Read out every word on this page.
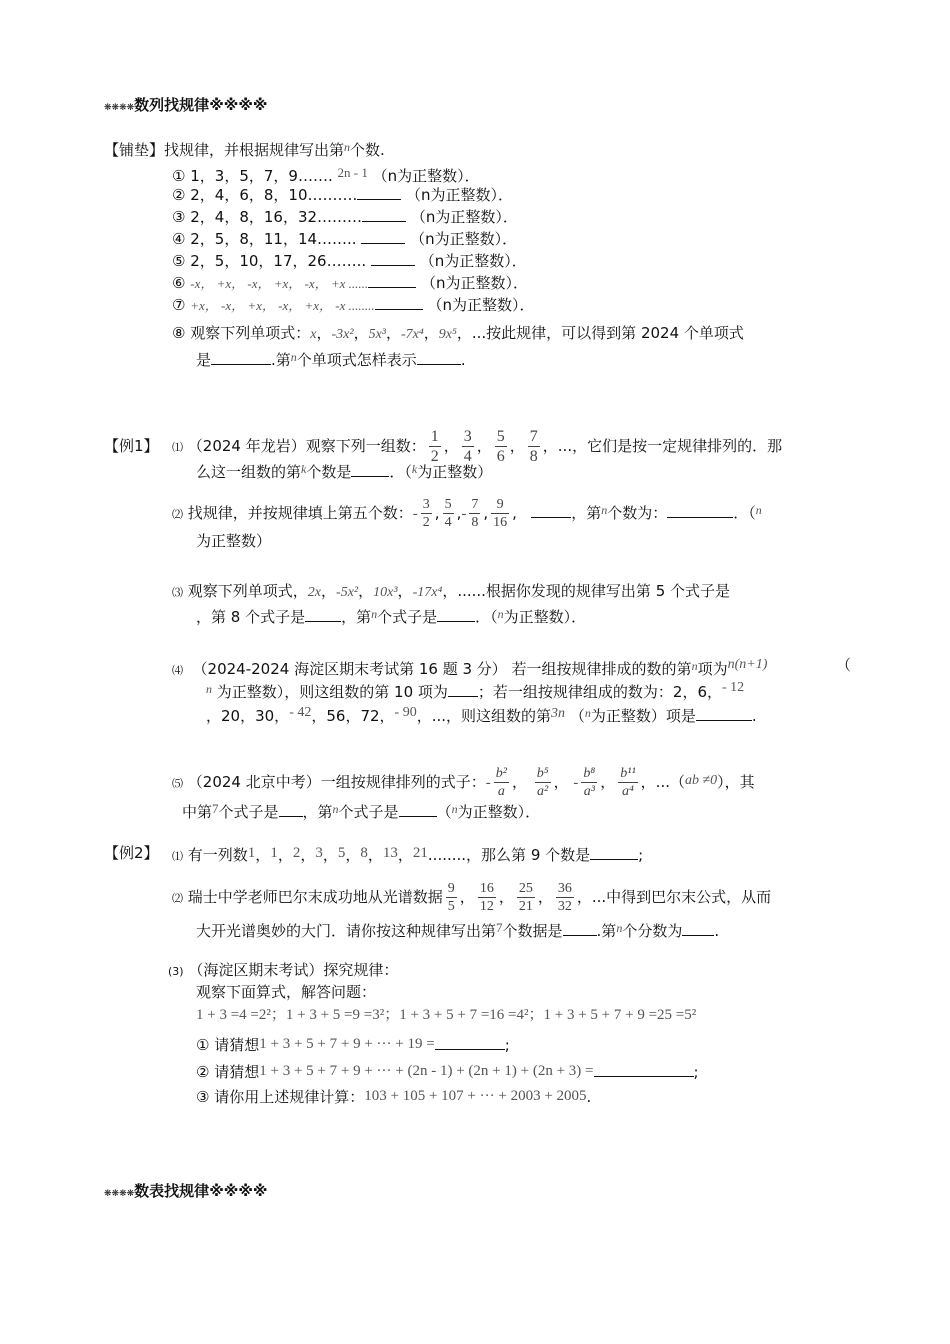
❋❋❋❋数列找规律※※※※
【铺垫】找规律，并根据规律写出第$^n$个数.
① 1，3，5，7，9……. 2n - 1 （n为正整数）．
② 2，4，6，8，10……….	（n为正整数）．
③ 2，4，8，16，32………	（n为正整数）．
④ 2，5，8，11，14……..	（n为正整数）．
⑤ 2，5，10，17，26……..	（n为正整数）．
⑥ -x， +x， -x， +x， -x， +x ......	（n为正整数）．
⑦ +x， -x， +x， -x， +x， -x ........	（n为正整数）．
⑧ 观察下列单项式：x，-3x²，5x³，-7x⁴，9x⁵，...按此规律，可以得到第 2024 个单项式
是	.第$^n$个单项式怎样表示	.
【例1】 ⑴ （2024 年龙岩）观察下列一组数： $\frac{1}{2}$ ， $\frac{3}{4}$ ， $\frac{5}{6}$ ， $\frac{7}{8}$ ，...，它们是按一定规律排列的．那
么这一组数的第$^k$个数是	．（$^k$为正整数）
⑵ 找规律，并按规律填上第五个数：- $\frac{3}{2}$ , $\frac{5}{4}$ ,- $\frac{7}{8}$ , $\frac{9}{16}$ ,	，第$^n$个数为：	．（$^n$
为正整数）
⑶ 观察下列单项式，2x，-5x²，10x³，-17x⁴，......根据你发现的规律写出第 5 个式子是
，第 8 个式子是 ，第$^n$个式子是	．（$^n$为正整数）．
⑷ （2024-2024 海淀区期末考试第 16 题 3 分） 若一组按规律排成的数的第$^n$项为n(n+1)	（
$^n$ 为正整数），则这组数的第 10 项为 ；若一组按规律组成的数为：2，6，- 12
，20，30，- 42，56，72，- 90，...，则这组数的第3n （$^n$为正整数）项是	.
⑸ （2024 北京中考）一组按规律排列的式子：- $\frac{\text{b²}}{a}$ ， $\frac{\text{b⁵}}{\text{a²}}$ ， - $\frac{\text{b⁸}}{\text{a³}}$ ， $\frac{\text{b¹¹}}{\text{a⁴}}$ ，...（ab ≠0），其
中第7个式子是 ，第$^n$个式子是	（$^n$为正整数）．
【例2】 ⑴ 有一列数1，1，2，3，5，8，13，21........，那么第 9 个数是	;
⑵ 瑞士中学老师巴尔末成功地从光谱数据 $\frac{9}{5}$ ， $\frac{16}{12}$ ， $\frac{25}{21}$ ， $\frac{36}{32}$ ，...中得到巴尔末公式，从而
大开光谱奥妙的大门．请你按这种规律写出第7个数据是 .第$^n$个分数为 .
(3) （海淀区期末考试）探究规律：
观察下面算式，解答问题：
1 + 3 =4 =2²；1 + 3 + 5 =9 =3²；1 + 3 + 5 + 7 =16 =4²；1 + 3 + 5 + 7 + 9 =25 =5²
① 请猜想1 + 3 + 5 + 7 + 9 + ··· + 19 =	;
② 请猜想1 + 3 + 5 + 7 + 9 + ··· + (2n - 1) + (2n + 1) + (2n + 3) =	;
③ 请你用上述规律计算：103 + 105 + 107 + ··· + 2003 + 2005.
❋❋❋❋数表找规律※※※※
